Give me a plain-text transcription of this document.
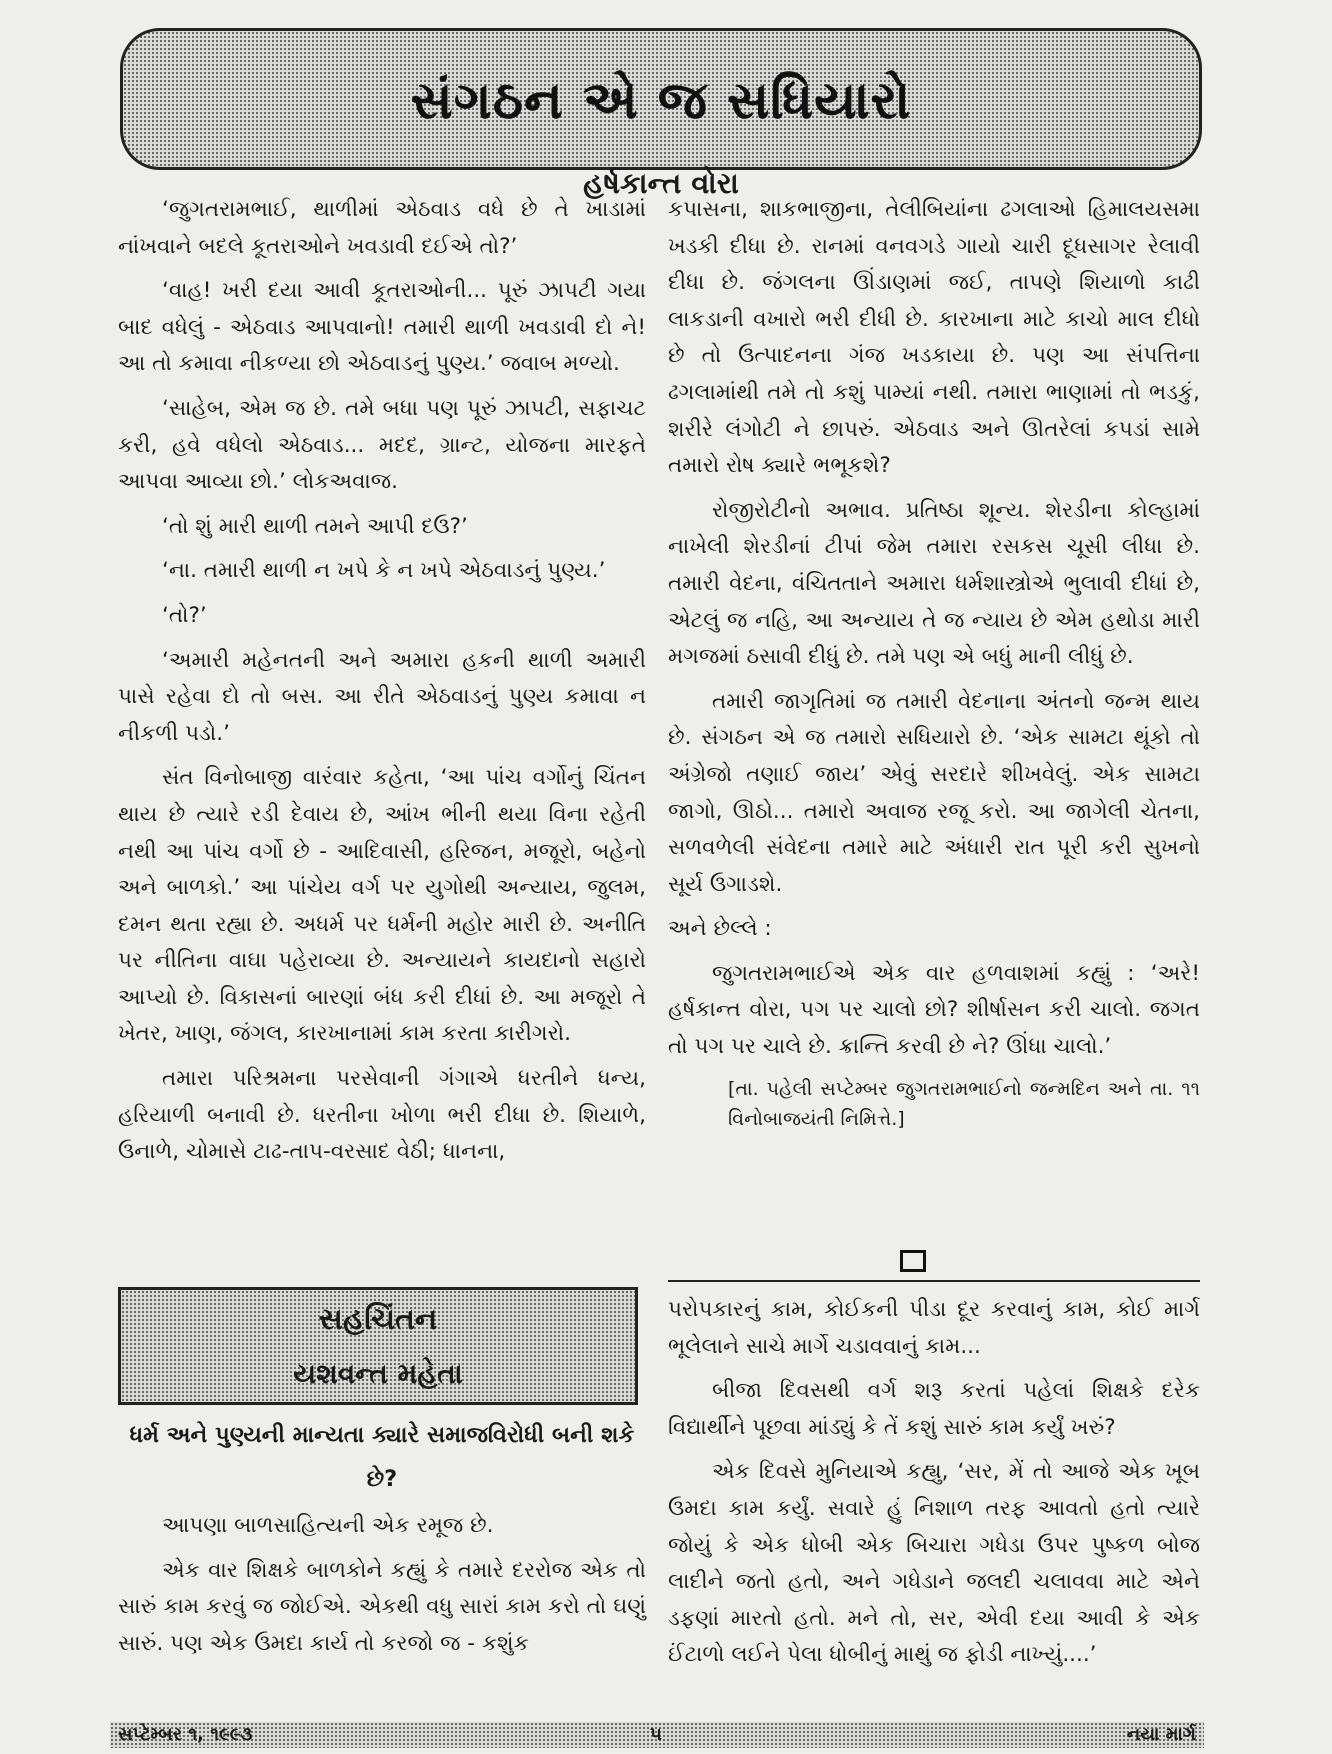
સંગઠન એ જ સધિયારો
હર્ષકાન્ત વોરા

‘જુગતરામભાઈ, થાળીમાં એઠવાડ વધે છે તે ખાડામાં નાંખવાને બદલે કૂતરાઓને ખવડાવી દઈએ તો?’

‘વાહ! ખરી દયા આવી કૂતરાઓની... પૂરું ઝાપટી ગયા બાદ વધેલું - એઠવાડ આપવાનો! તમારી થાળી ખવડાવી દો ને! આ તો કમાવા નીકળ્યા છો એઠવાડનું પુણ્ય.’ જવાબ મળ્યો.

‘સાહેબ, એમ જ છે. તમે બધા પણ પૂરું ઝાપટી, સફાચટ કરી, હવે વધેલો એઠવાડ... મદદ, ગ્રાન્ટ, યોજના મારફતે આપવા આવ્યા છો.’ લોકઅવાજ.

‘તો શું મારી થાળી તમને આપી દઉ?’

‘ના. તમારી થાળી ન ખપે કે ન ખપે એઠવાડનું પુણ્ય.’

‘તો?’

‘અમારી મહેનતની અને અમારા હકની થાળી અમારી પાસે રહેવા દો તો બસ. આ રીતે એઠવાડનું પુણ્ય કમાવા ન નીકળી પડો.’

સંત વિનોબાજી વારંવાર કહેતા, ‘આ પાંચ વર્ગોનું ચિંતન થાય છે ત્યારે રડી દેવાય છે, આંખ ભીની થયા વિના રહેતી નથી આ પાંચ વર્ગો છે - આદિવાસી, હરિજન, મજૂરો, બહેનો અને બાળકો.’ આ પાંચેય વર્ગ પર યુગોથી અન્યાય, જુલમ, દમન થતા રહ્યા છે. અધર્મ પર ધર્મની મહોર મારી છે. અનીતિ પર નીતિના વાઘા પહેરાવ્યા છે. અન્યાયને કાયદાનો સહારો આપ્યો છે. વિકાસનાં બારણાં બંધ કરી દીધાં છે. આ મજૂરો તે ખેતર, ખાણ, જંગલ, કારખાનામાં કામ કરતા કારીગરો.

તમારા પરિશ્રમના પરસેવાની ગંગાએ ધરતીને ધન્ય, હરિયાળી બનાવી છે. ધરતીના ખોળા ભરી દીધા છે. શિયાળે, ઉનાળે, ચોમાસે ટાઢ-તાપ-વરસાદ વેઠી; ધાનના,

કપાસના, શાકભાજીના, તેલીબિયાંના ઢગલાઓ હિમાલયસમા ખડકી દીધા છે. રાનમાં વનવગડે ગાયો ચારી દૂધસાગર રેલાવી દીધા છે. જંગલના ઊંડાણમાં જઈ, તાપણે શિયાળો કાઢી લાકડાની વખારો ભરી દીધી છે. કારખાના માટે કાચો માલ દીધો છે તો ઉત્પાદનના ગંજ ખડકાયા છે. પણ આ સંપત્તિના ઢગલામાંથી તમે તો કશું પામ્યાં નથી. તમારા ભાણામાં તો ભડકું, શરીરે લંગોટી ને છાપરું. એઠવાડ અને ઊતરેલાં કપડાં સામે તમારો રોષ ક્યારે ભભૂકશે?

રોજીરોટીનો અભાવ. પ્રતિષ્ઠા શૂન્ય. શેરડીના કોલ્હામાં નાખેલી શેરડીનાં ટીપાં જેમ તમારા રસકસ ચૂસી લીધા છે. તમારી વેદના, વંચિતતાને અમારા ધર્મશાસ્ત્રોએ ભુલાવી દીધાં છે, એટલું જ નહિ, આ અન્યાય તે જ ન્યાય છે એમ હથોડા મારી મગજમાં ઠસાવી દીધું છે. તમે પણ એ બધું માની લીધું છે.

તમારી જાગૃતિમાં જ તમારી વેદનાના અંતનો જન્મ થાય છે. સંગઠન એ જ તમારો સધિયારો છે. ‘એક સામટા થૂંકો તો અંગ્રેજો તણાઈ જાય’ એવું સરદારે શીખવેલું. એક સામટા જાગો, ઊઠો... તમારો અવાજ રજૂ કરો. આ જાગેલી ચેતના, સળવળેલી સંવેદના તમારે માટે અંધારી રાત પૂરી કરી સુખનો સૂર્ય ઉગાડશે.

અને છેલ્લે :

જુગતરામભાઈએ એક વાર હળવાશમાં કહ્યું : ‘અરે! હર્ષકાન્ત વોરા, પગ પર ચાલો છો? શીર્ષાસન કરી ચાલો. જગત તો પગ પર ચાલે છે. ક્રાન્તિ કરવી છે ને? ઊંધા ચાલો.’

[તા. પહેલી સપ્ટેમ્બર જુગતરામભાઈનો જન્મદિન અને તા. ૧૧ વિનોબાજયંતી નિમિત્તે.]

સહચિંતન
યશવન્ત મહેતા
ધર્મ અને પુણ્યની માન્યતા ક્યારે સમાજવિરોધી બની શકે છે?

આપણા બાળસાહિત્યની એક રમૂજ છે.

એક વાર શિક્ષકે બાળકોને કહ્યું કે તમારે દરરોજ એક તો સારું કામ કરવું જ જોઈએ. એકથી વધુ સારાં કામ કરો તો ઘણું સારું. પણ એક ઉમદા કાર્ય તો કરજો જ - કશુંક

પરોપકારનું કામ, કોઈકની પીડા દૂર કરવાનું કામ, કોઈ માર્ગ ભૂલેલાને સાચે માર્ગે ચડાવવાનું કામ...

બીજા દિવસથી વર્ગ શરૂ કરતાં પહેલાં શિક્ષકે દરેક વિદ્યાર્થીને પૂછવા માંડ્યું કે તેં કશું સારું કામ કર્યું ખરું?

એક દિવસે મુનિયાએ કહ્યુ, ‘સર, મેં તો આજે એક ખૂબ ઉમદા કામ કર્યું. સવારે હું નિશાળ તરફ આવતો હતો ત્યારે જોયું કે એક ધોબી એક બિચારા ગધેડા ઉપર પુષ્કળ બોજ લાદીને જતો હતો, અને ગધેડાને જલદી ચલાવવા માટે એને ડફણાં મારતો હતો. મને તો, સર, એવી દયા આવી કે એક ઈંટાળો લઈને પેલા ધોબીનું માથું જ ફોડી નાખ્યું....’

સપ્ટેમ્બર ૧, ૧૯૯૩	૫	નયા માર્ગ
